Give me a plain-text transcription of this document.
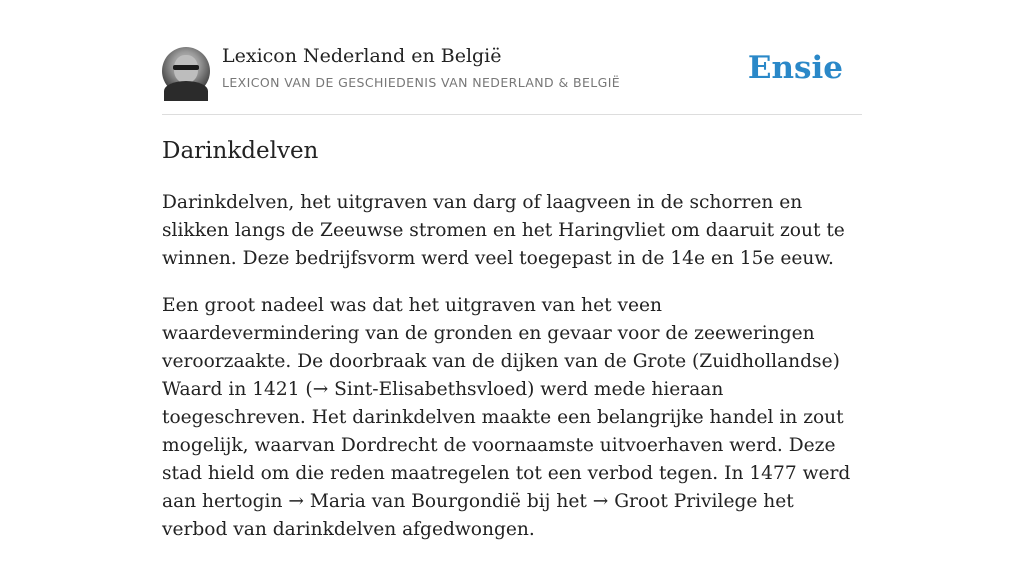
Lexicon Nederland en België
LEXICON VAN DE GESCHIEDENIS VAN NEDERLAND & BELGIË	Ensie
Darinkdelven

Darinkdelven, het uitgraven van darg of laagveen in de schorren en slikken langs de Zeeuwse stromen en het Haringvliet om daaruit zout te winnen. Deze bedrijfsvorm werd veel toegepast in de 14e en 15e eeuw.

Een groot nadeel was dat het uitgraven van het veen waardevermindering van de gronden en gevaar voor de zeeweringen veroorzaakte. De doorbraak van de dijken van de Grote (Zuidhollandse) Waard in 1421 (→ Sint-Elisabethsvloed) werd mede hieraan toegeschreven. Het darinkdelven maakte een belangrijke handel in zout mogelijk, waarvan Dordrecht de voornaamste uitvoerhaven werd. Deze stad hield om die reden maatregelen tot een verbod tegen. In 1477 werd aan hertogin → Maria van Bourgondië bij het → Groot Privilege het verbod van darinkdelven afgedwongen.
